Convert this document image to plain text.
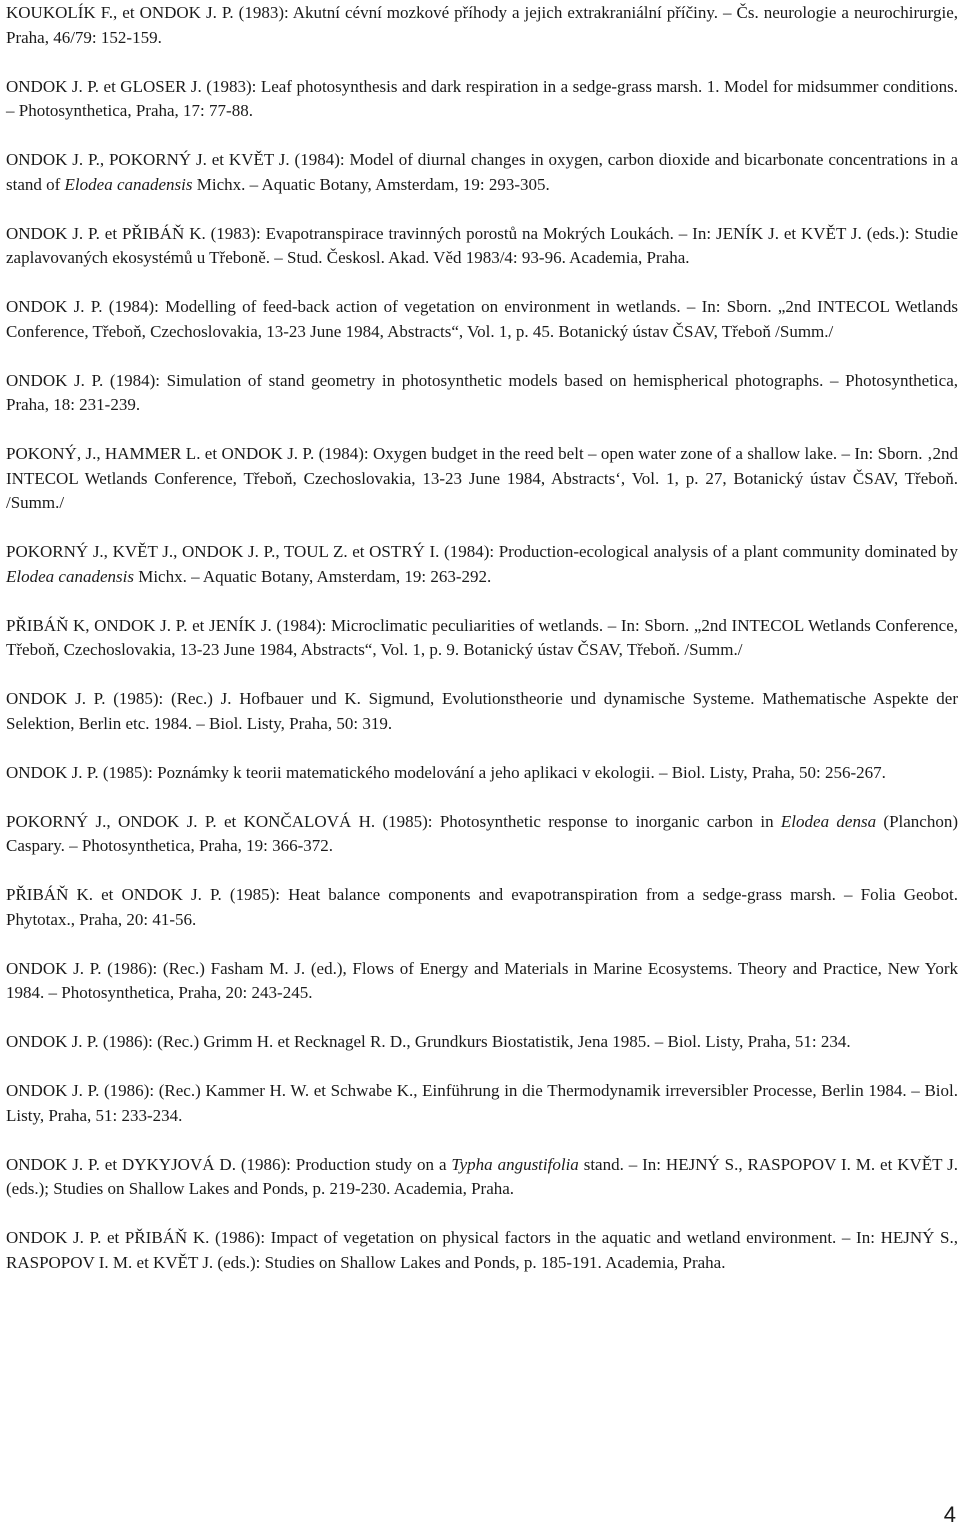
KOUKOLÍK F., et ONDOK J. P. (1983): Akutní cévní mozkové příhody a jejich extrakraniální příčiny. – Čs. neurologie a neurochirurgie, Praha, 46/79: 152-159.

ONDOK J. P. et GLOSER J. (1983): Leaf photosynthesis and dark respiration in a sedge-grass marsh. 1. Model for midsummer conditions. – Photosynthetica, Praha, 17: 77-88.

ONDOK J. P., POKORNÝ J. et KVĚT J. (1984): Model of diurnal changes in oxygen, carbon dioxide and bicarbonate concentrations in a stand of Elodea canadensis Michx. – Aquatic Botany, Amsterdam, 19: 293-305.

ONDOK J. P. et PŘIBÁŇ K. (1983): Evapotranspirace travinných porostů na Mokrých Loukách. – In: JENÍK J. et KVĚT J. (eds.): Studie zaplavovaných ekosystémů u Třeboně. – Stud. Českosl. Akad. Věd 1983/4: 93-96. Academia, Praha.

ONDOK J. P. (1984): Modelling of feed-back action of vegetation on environment in wetlands. – In: Sborn. „2nd INTECOL Wetlands Conference, Třeboň, Czechoslovakia, 13-23 June 1984, Abstracts“, Vol. 1, p. 45. Botanický ústav ČSAV, Třeboň /Summ./

ONDOK J. P. (1984): Simulation of stand geometry in photosynthetic models based on hemispherical photographs. – Photosynthetica, Praha, 18: 231-239.

POKONÝ, J., HAMMER L. et ONDOK J. P. (1984): Oxygen budget in the reed belt – open water zone of a shallow lake. – In: Sborn. ‚2nd INTECOL Wetlands Conference, Třeboň, Czechoslovakia, 13-23 June 1984, Abstracts‘, Vol. 1, p. 27, Botanický ústav ČSAV, Třeboň. /Summ./

POKORNÝ J., KVĚT J., ONDOK J. P., TOUL Z. et OSTRÝ I. (1984): Production-ecological analysis of a plant community dominated by Elodea canadensis Michx. – Aquatic Botany, Amsterdam, 19: 263-292.

PŘIBÁŇ K, ONDOK J. P. et JENÍK J. (1984): Microclimatic peculiarities of wetlands. – In: Sborn. „2nd INTECOL Wetlands Conference, Třeboň, Czechoslovakia, 13-23 June 1984, Abstracts“, Vol. 1, p. 9. Botanický ústav ČSAV, Třeboň. /Summ./

ONDOK J. P. (1985): (Rec.) J. Hofbauer und K. Sigmund, Evolutionstheorie und dynamische Systeme. Mathematische Aspekte der Selektion, Berlin etc. 1984. – Biol. Listy, Praha, 50: 319.

ONDOK J. P. (1985): Poznámky k teorii matematického modelování a jeho aplikaci v ekologii. – Biol. Listy, Praha, 50: 256-267.

POKORNÝ J., ONDOK J. P. et KONČALOVÁ H. (1985): Photosynthetic response to inorganic carbon in Elodea densa (Planchon) Caspary. – Photosynthetica, Praha, 19: 366-372.

PŘIBÁŇ K. et ONDOK J. P. (1985): Heat balance components and evapotranspiration from a sedge-grass marsh. – Folia Geobot. Phytotax., Praha, 20: 41-56.

ONDOK J. P. (1986): (Rec.) Fasham M. J. (ed.), Flows of Energy and Materials in Marine Ecosystems. Theory and Practice, New York 1984. – Photosynthetica, Praha, 20: 243-245.

ONDOK J. P. (1986): (Rec.) Grimm H. et Recknagel R. D., Grundkurs Biostatistik, Jena 1985. – Biol. Listy, Praha, 51: 234.

ONDOK J. P. (1986): (Rec.) Kammer H. W. et Schwabe K., Einführung in die Thermodynamik irreversibler Processe, Berlin 1984. – Biol. Listy, Praha, 51: 233-234.

ONDOK J. P. et DYKYJOVÁ D. (1986): Production study on a Typha angustifolia stand. – In: HEJNÝ S., RASPOPOV I. M. et KVĚT J. (eds.); Studies on Shallow Lakes and Ponds, p. 219-230. Academia, Praha.

ONDOK J. P. et PŘIBÁŇ K. (1986): Impact of vegetation on physical factors in the aquatic and wetland environment. – In: HEJNÝ S., RASPOPOV I. M. et KVĚT J. (eds.): Studies on Shallow Lakes and Ponds, p. 185-191. Academia, Praha.

4
